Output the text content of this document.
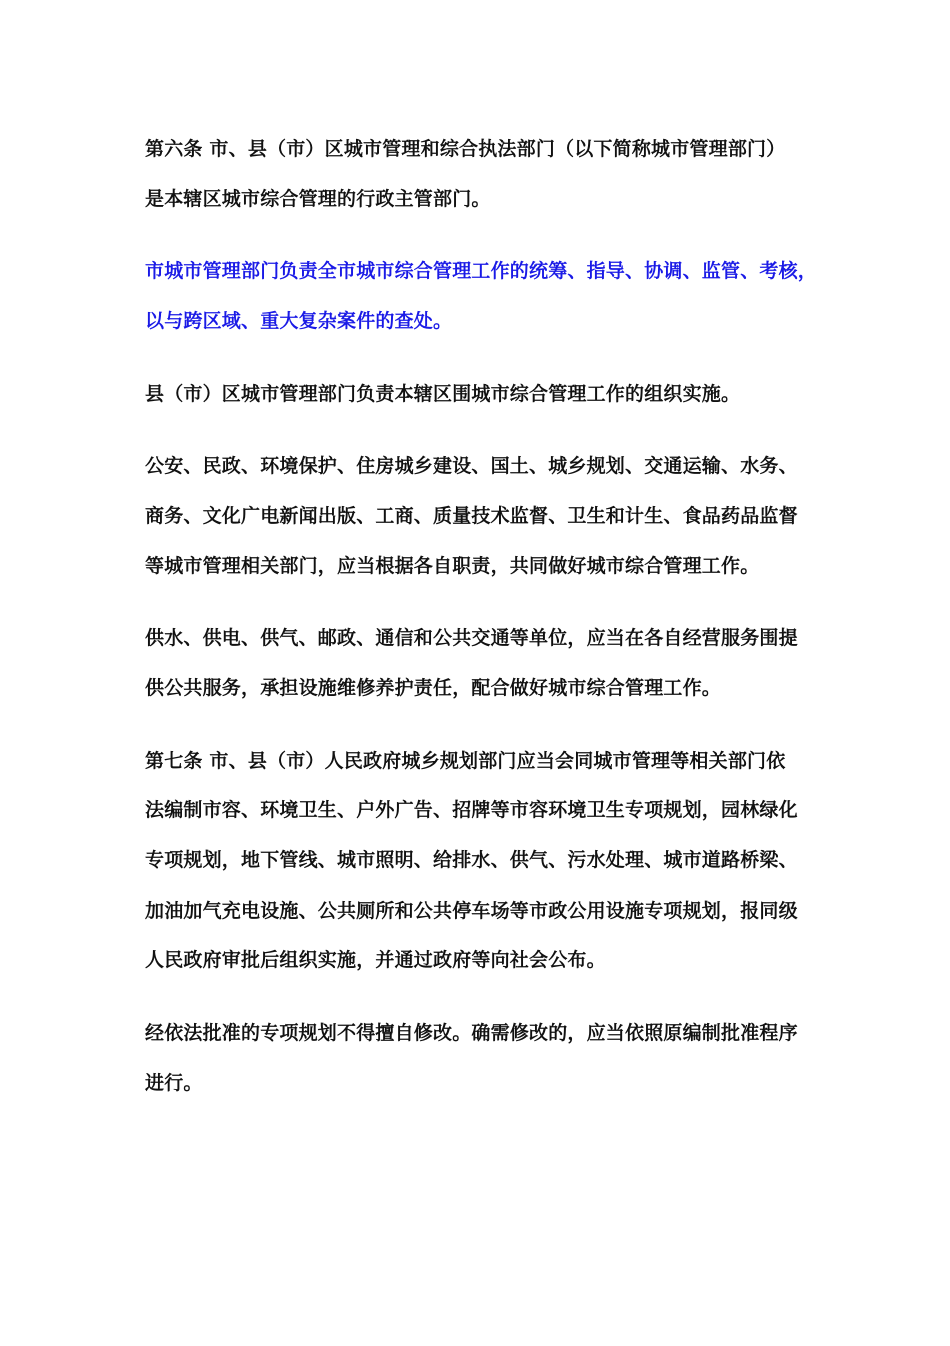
第六条 市、县（市）区城市管理和综合执法部门（以下简称城市管理部门）
是本辖区城市综合管理的行政主管部门。
市城市管理部门负责全市城市综合管理工作的统筹、指导、协调、监管、考核，
以与跨区域、重大复杂案件的查处。
县（市）区城市管理部门负责本辖区围城市综合管理工作的组织实施。
公安、民政、环境保护、住房城乡建设、国土、城乡规划、交通运输、水务、
商务、文化广电新闻出版、工商、质量技术监督、卫生和计生、食品药品监督
等城市管理相关部门，应当根据各自职责，共同做好城市综合管理工作。
供水、供电、供气、邮政、通信和公共交通等单位，应当在各自经营服务围提
供公共服务，承担设施维修养护责任，配合做好城市综合管理工作。
第七条 市、县（市）人民政府城乡规划部门应当会同城市管理等相关部门依
法编制市容、环境卫生、户外广告、招牌等市容环境卫生专项规划，园林绿化
专项规划，地下管线、城市照明、给排水、供气、污水处理、城市道路桥梁、
加油加气充电设施、公共厕所和公共停车场等市政公用设施专项规划，报同级
人民政府审批后组织实施，并通过政府等向社会公布。
经依法批准的专项规划不得擅自修改。确需修改的，应当依照原编制批准程序
进行。
